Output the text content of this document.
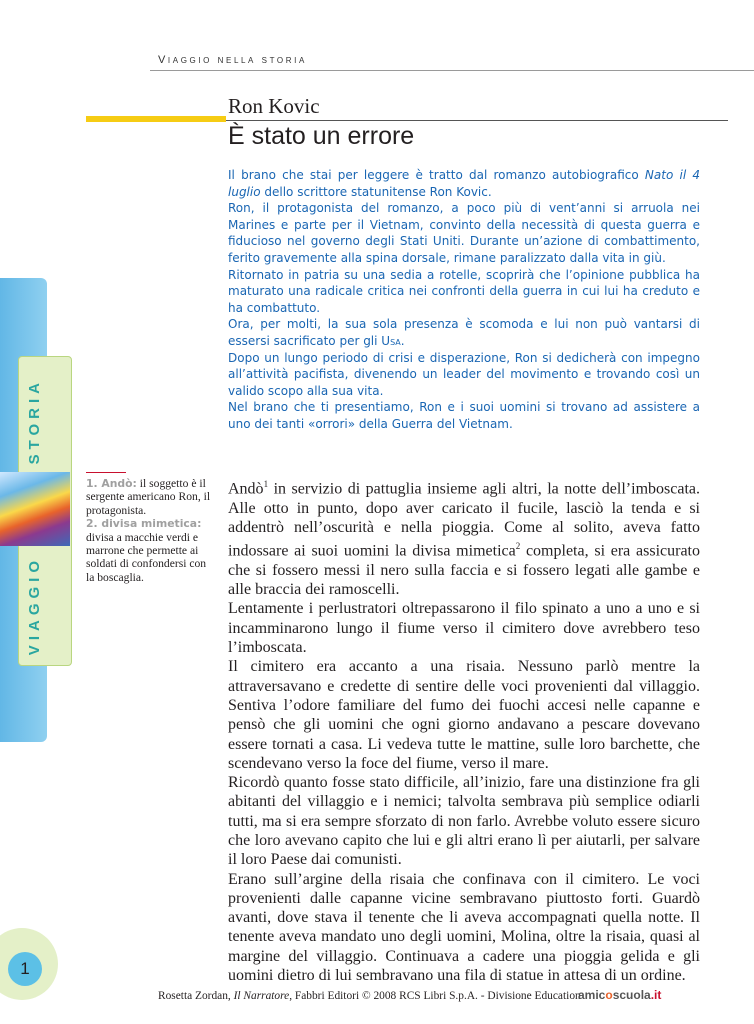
Viaggio nella storia
Ron Kovic
È stato un errore

Il brano che stai per leggere è tratto dal romanzo autobiografico Nato il 4 luglio dello scrittore statunitense Ron Kovic.

Ron, il protagonista del romanzo, a poco più di vent’anni si arruola nei Marines e parte per il Vietnam, convinto della necessità di questa guerra e fiducioso nel governo degli Stati Uniti. Durante un’azione di combattimento, ferito gravemente alla spina dorsale, rimane paralizzato dalla vita in giù.

Ritornato in patria su una sedia a rotelle, scoprirà che l’opinione pubblica ha maturato una radicale critica nei confronti della guerra in cui lui ha creduto e ha combattuto.

Ora, per molti, la sua sola presenza è scomoda e lui non può vantarsi di essersi sacrificato per gli Usa.

Dopo un lungo periodo di crisi e disperazione, Ron si dedicherà con impegno all’attività pacifista, divenendo un leader del movimento e trovando così un valido scopo alla sua vita.

Nel brano che ti presentiamo, Ron e i suoi uomini si trovano ad assistere a uno dei tanti «orrori» della Guerra del Vietnam.

STORIA
VIAGGIO

1. Andò: il soggetto è il sergente americano Ron, il protagonista.

2. divisa mimetica: divisa a macchie verdi e marrone che permette ai soldati di confondersi con la boscaglia.

Andò$^1$ in servizio di pattuglia insieme agli altri, la notte dell’imboscata. Alle otto in punto, dopo aver caricato il fucile, lasciò la tenda e si addentrò nell’oscurità e nella pioggia. Come al solito, aveva fatto indossare ai suoi uomini la divisa mimetica$^2$ completa, si era assicurato che si fossero messi il nero sulla faccia e si fossero legati alle gambe e alle braccia dei ramoscelli.

Lentamente i perlustratori oltrepassarono il filo spinato a uno a uno e si incamminarono lungo il fiume verso il cimitero dove avrebbero teso l’imboscata.

Il cimitero era accanto a una risaia. Nessuno parlò mentre la attraversavano e credette di sentire delle voci provenienti dal villaggio. Sentiva l’odore familiare del fumo dei fuochi accesi nelle capanne e pensò che gli uomini che ogni giorno andavano a pescare dovevano essere tornati a casa. Li vedeva tutte le mattine, sulle loro barchette, che scendevano verso la foce del fiume, verso il mare.

Ricordò quanto fosse stato difficile, all’inizio, fare una distinzione fra gli abitanti del villaggio e i nemici; talvolta sembrava più semplice odiarli tutti, ma si era sempre sforzato di non farlo. Avrebbe voluto essere sicuro che loro avevano capito che lui e gli altri erano lì per aiutarli, per salvare il loro Paese dai comunisti.

Erano sull’argine della risaia che confinava con il cimitero. Le voci provenienti dalle capanne vicine sembravano piuttosto forti. Guardò avanti, dove stava il tenente che li aveva accompagnati quella notte. Il tenente aveva mandato uno degli uomini, Molina, oltre la risaia, quasi al margine del villaggio. Continuava a cadere una pioggia gelida e gli uomini dietro di lui sembravano una fila di statue in attesa di un ordine.

1
Rosetta Zordan, Il Narratore, Fabbri Editori © 2008 RCS Libri S.p.A. - Divisione Education
amicoscuola.it
